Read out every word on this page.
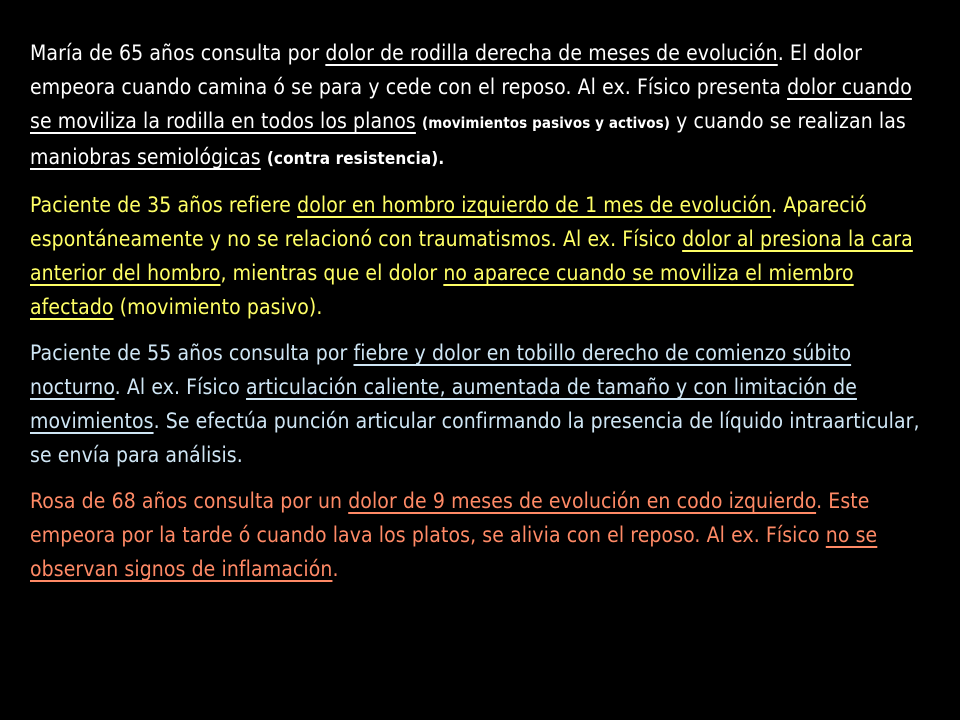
María de 65 años consulta por dolor de rodilla derecha de meses de evolución. El dolor empeora cuando camina ó se para y cede con el reposo. Al ex. Físico presenta dolor cuando se moviliza la rodilla en todos los planos (movimientos pasivos y activos) y cuando se realizan las maniobras semiológicas (contra resistencia).

Paciente de 35 años refiere dolor en hombro izquierdo de 1 mes de evolución. Apareció espontáneamente y no se relacionó con traumatismos. Al ex. Físico dolor al presiona la cara anterior del hombro, mientras que el dolor no aparece cuando se moviliza el miembro afectado (movimiento pasivo).

Paciente de 55 años consulta por fiebre y dolor en tobillo derecho de comienzo súbito nocturno. Al ex. Físico articulación caliente, aumentada de tamaño y con limitación de movimientos. Se efectúa punción articular confirmando la presencia de líquido intraarticular, se envía para análisis.

Rosa de 68 años consulta por un dolor de 9 meses de evolución en codo izquierdo. Este empeora por la tarde ó cuando lava los platos, se alivia con el reposo. Al ex. Físico no se observan signos de inflamación.
